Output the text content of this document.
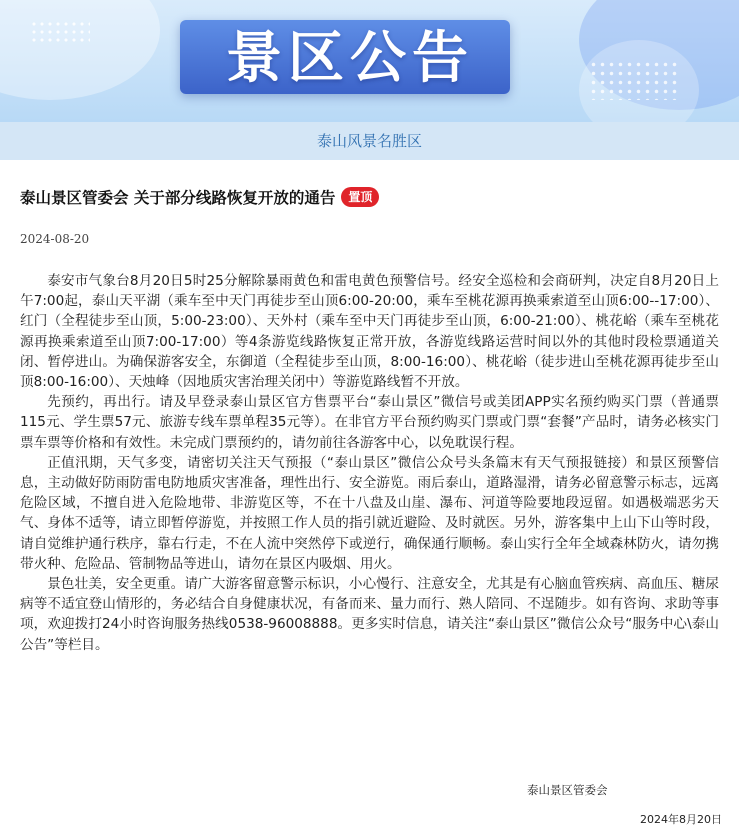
景区公告
泰山风景名胜区
泰山景区管委会 关于部分线路恢复开放的通告	置顶
2024-08-20

泰安市气象台8月20日5时25分解除暴雨黄色和雷电黄色预警信号。经安全巡检和会商研判，决定自8月20日上午7:00起，泰山天平湖（乘车至中天门再徒步至山顶6:00-20:00，乘车至桃花源再换乘索道至山顶6:00--17:00）、红门（全程徒步至山顶，5:00-23:00）、天外村（乘车至中天门再徒步至山顶，6:00-21:00）、桃花峪（乘车至桃花源再换乘索道至山顶7:00-17:00）等4条游览线路恢复正常开放，各游览线路运营时间以外的其他时段检票通道关闭、暂停进山。为确保游客安全，东御道（全程徒步至山顶，8:00-16:00）、桃花峪（徒步进山至桃花源再徒步至山顶8:00-16:00）、天烛峰（因地质灾害治理关闭中）等游览路线暂不开放。

先预约，再出行。请及早登录泰山景区官方售票平台“泰山景区”微信号或美团APP实名预约购买门票（普通票115元、学生票57元、旅游专线车票单程35元等）。在非官方平台预约购买门票或门票“套餐”产品时，请务必核实门票车票等价格和有效性。未完成门票预约的，请勿前往各游客中心，以免耽误行程。

正值汛期，天气多变，请密切关注天气预报（“泰山景区”微信公众号头条篇末有天气预报链接）和景区预警信息，主动做好防雨防雷电防地质灾害准备，理性出行、安全游览。雨后泰山，道路湿滑，请务必留意警示标志，远离危险区域，不擅自进入危险地带、非游览区等，不在十八盘及山崖、瀑布、河道等险要地段逗留。如遇极端恶劣天气、身体不适等，请立即暂停游览，并按照工作人员的指引就近避险、及时就医。另外，游客集中上山下山等时段，请自觉维护通行秩序，靠右行走，不在人流中突然停下或逆行，确保通行顺畅。泰山实行全年全域森林防火，请勿携带火种、危险品、管制物品等进山，请勿在景区内吸烟、用火。

景色壮美，安全更重。请广大游客留意警示标识，小心慢行、注意安全，尤其是有心脑血管疾病、高血压、糖尿病等不适宜登山情形的，务必结合自身健康状况，有备而来、量力而行、熟人陪同、不逞随步。如有咨询、求助等事项，欢迎拨打24小时咨询服务热线0538-96008888。更多实时信息，请关注“泰山景区”微信公众号“服务中心\泰山公告”等栏目。

泰山景区管委会
2024年8月20日
